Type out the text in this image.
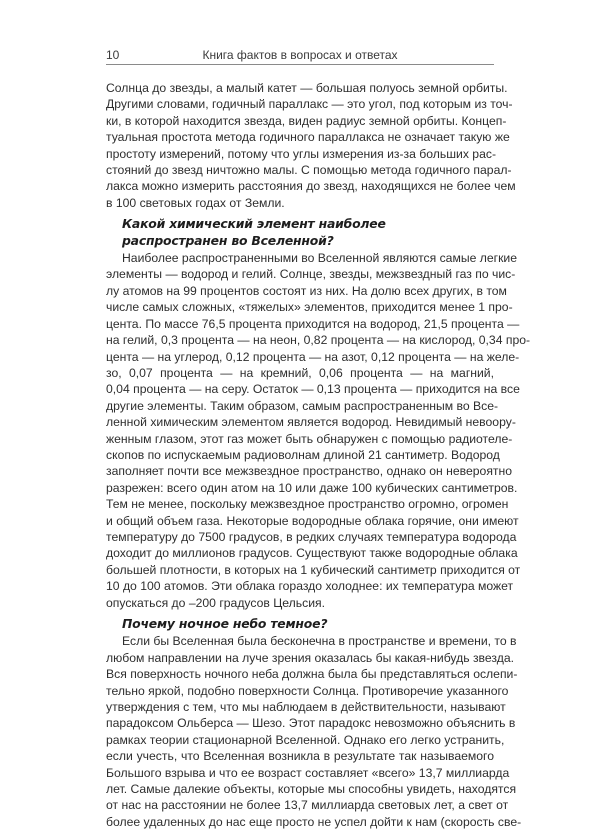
10	Книга фактов в вопросах и ответах

Солнца до звезды, а малый катет — большая полуось земной орбиты.
Другими словами, годичный параллакс — это угол, под которым из точ-
ки, в которой находится звезда, виден радиус земной орбиты. Концеп-
туальная простота метода годичного параллакса не означает такую же
простоту измерений, потому что углы измерения из-за больших рас-
стояний до звезд ничтожно малы. С помощью метода годичного парал-
лакса можно измерить расстояния до звезд, находящихся не более чем
в 100 световых годах от Земли.

Какой химический элемент наиболее распространен во Вселенной?

Наиболее распространенными во Вселенной являются самые легкие
элементы — водород и гелий. Солнце, звезды, межзвездный газ по чис-
лу атомов на 99 процентов состоят из них. На долю всех других, в том
числе самых сложных, «тяжелых» элементов, приходится менее 1 про-
цента. По массе 76,5 процента приходится на водород, 21,5 процента —
на гелий, 0,3 процента — на неон, 0,82 процента — на кислород, 0,34 про-
цента — на углерод, 0,12 процента — на азот, 0,12 процента — на желе-
зо, 0,07 процента — на кремний, 0,06 процента — на магний,
0,04 процента — на серу. Остаток — 0,13 процента — приходится на все
другие элементы. Таким образом, самым распространенным во Все-
ленной химическим элементом является водород. Невидимый невоору-
женным глазом, этот газ может быть обнаружен с помощью радиотеле-
скопов по испускаемым радиоволнам длиной 21 сантиметр. Водород
заполняет почти все межзвездное пространство, однако он невероятно
разрежен: всего один атом на 10 или даже 100 кубических сантиметров.
Тем не менее, поскольку межзвездное пространство огромно, огромен
и общий объем газа. Некоторые водородные облака горячие, они имеют
температуру до 7500 градусов, в редких случаях температура водорода
доходит до миллионов градусов. Существуют также водородные облака
большей плотности, в которых на 1 кубический сантиметр приходится от
10 до 100 атомов. Эти облака гораздо холоднее: их температура может
опускаться до –200 градусов Цельсия.

Почему ночное небо темное?

Если бы Вселенная была бесконечна в пространстве и времени, то в
любом направлении на луче зрения оказалась бы какая-нибудь звезда.
Вся поверхность ночного неба должна была бы представляться ослепи-
тельно яркой, подобно поверхности Солнца. Противоречие указанного
утверждения с тем, что мы наблюдаем в действительности, называют
парадоксом Ольберса — Шезо. Этот парадокс невозможно объяснить в
рамках теории стационарной Вселенной. Однако его легко устранить,
если учесть, что Вселенная возникла в результате так называемого
Большого взрыва и что ее возраст составляет «всего» 13,7 миллиарда
лет. Самые далекие объекты, которые мы способны увидеть, находятся
от нас на расстоянии не более 13,7 миллиарда световых лет, а свет от
более удаленных до нас еще просто не успел дойти к нам (скорость све-
